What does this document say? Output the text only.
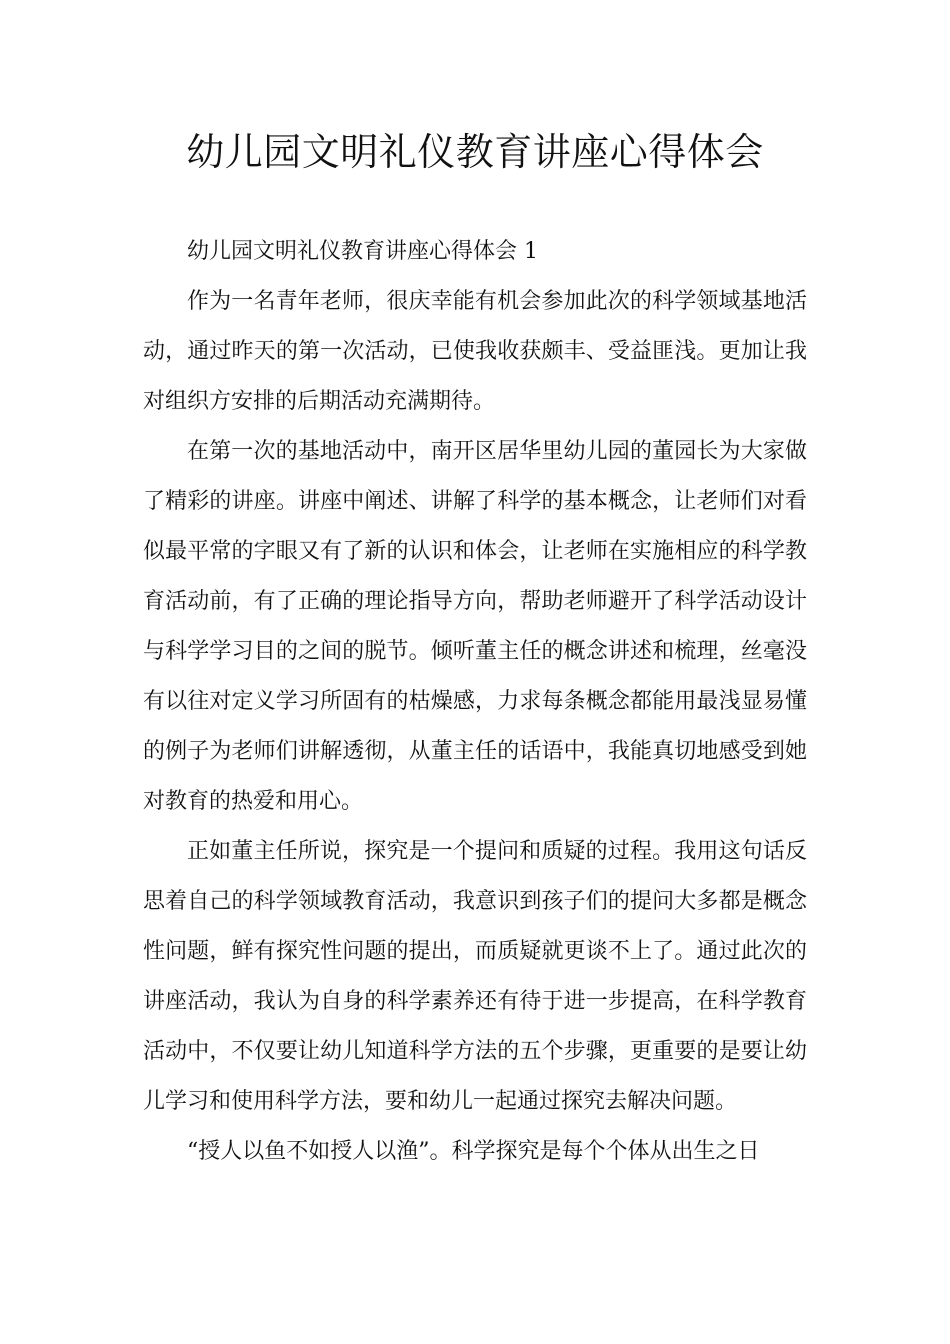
幼儿园文明礼仪教育讲座心得体会

幼儿园文明礼仪教育讲座心得体会 1

作为一名青年老师，很庆幸能有机会参加此次的科学领域基地活动，通过昨天的第一次活动，已使我收获颇丰、受益匪浅。更加让我对组织方安排的后期活动充满期待。

在第一次的基地活动中，南开区居华里幼儿园的董园长为大家做了精彩的讲座。讲座中阐述、讲解了科学的基本概念，让老师们对看似最平常的字眼又有了新的认识和体会，让老师在实施相应的科学教育活动前，有了正确的理论指导方向，帮助老师避开了科学活动设计与科学学习目的之间的脱节。倾听董主任的概念讲述和梳理，丝毫没有以往对定义学习所固有的枯燥感，力求每条概念都能用最浅显易懂的例子为老师们讲解透彻，从董主任的话语中，我能真切地感受到她对教育的热爱和用心。

正如董主任所说，探究是一个提问和质疑的过程。我用这句话反思着自己的科学领域教育活动，我意识到孩子们的提问大多都是概念性问题，鲜有探究性问题的提出，而质疑就更谈不上了。通过此次的讲座活动，我认为自身的科学素养还有待于进一步提高，在科学教育活动中，不仅要让幼儿知道科学方法的五个步骤，更重要的是要让幼儿学习和使用科学方法，要和幼儿一起通过探究去解决问题。

“授人以鱼不如授人以渔”。科学探究是每个个体从出生之日
